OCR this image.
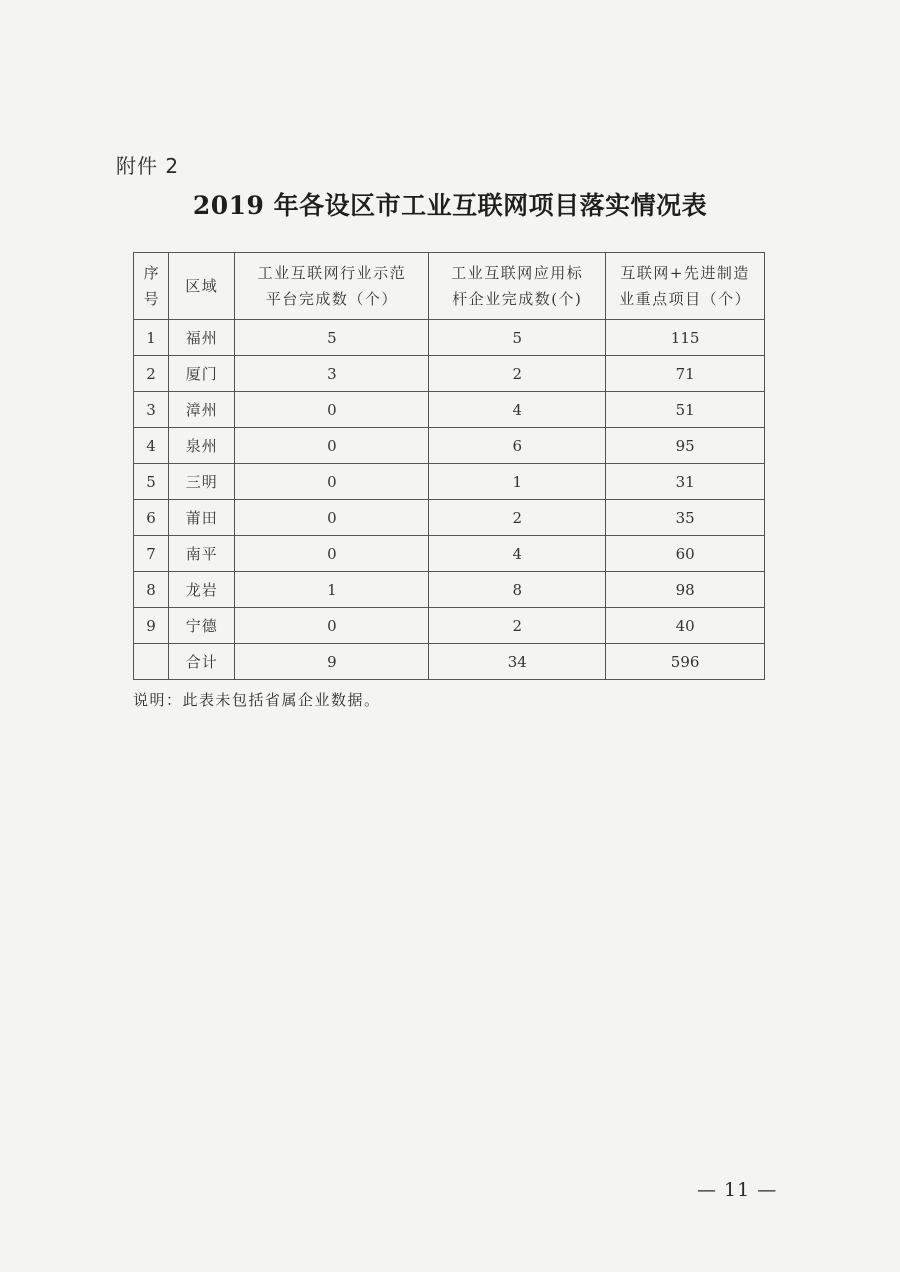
附件 2
2019 年各设区市工业互联网项目落实情况表
序号	区域	工业互联网行业示范平台完成数（个）	工业互联网应用标杆企业完成数(个)	互联网+先进制造业重点项目（个）
1	福州	5	5	115
2	厦门	3	2	71
3	漳州	0	4	51
4	泉州	0	6	95
5	三明	0	1	31
6	莆田	0	2	35
7	南平	0	4	60
8	龙岩	1	8	98
9	宁德	0	2	40
	合计	9	34	596
说明：此表未包括省属企业数据。
— 11 —
